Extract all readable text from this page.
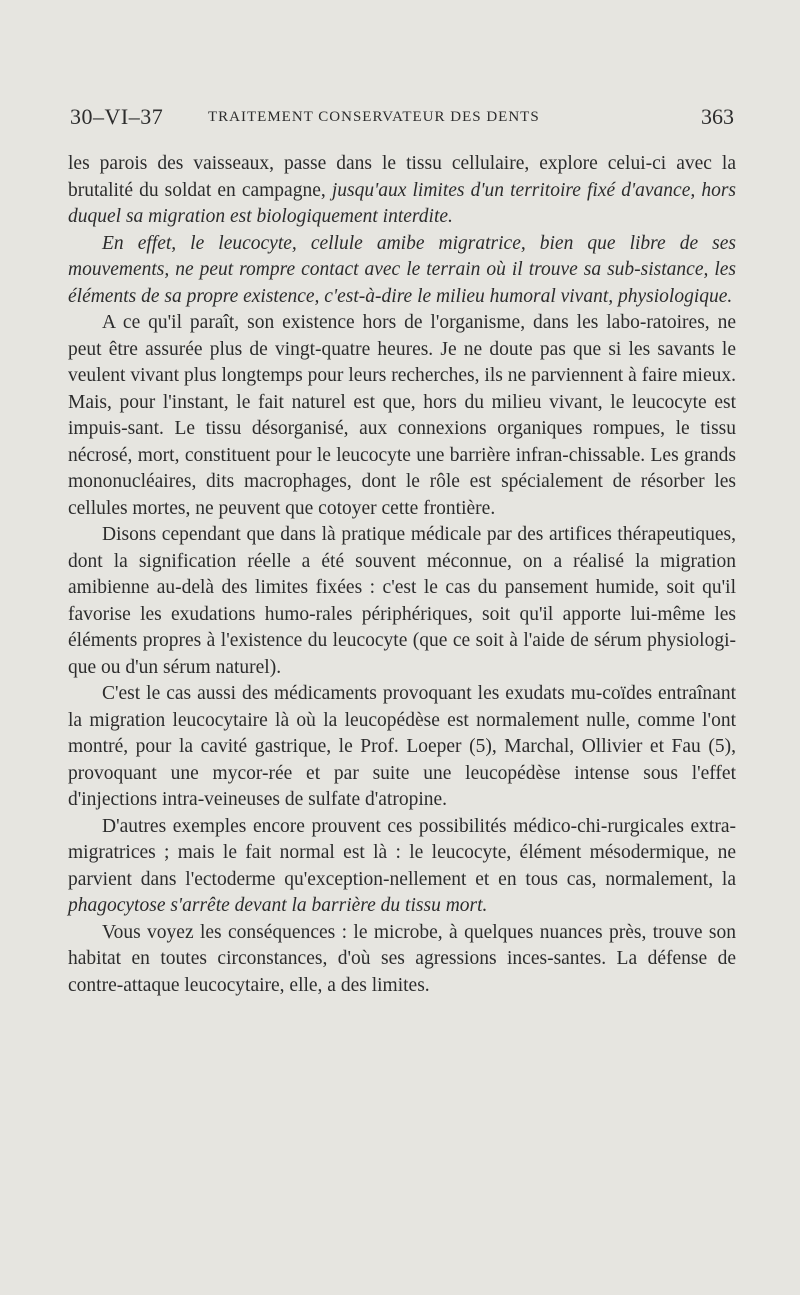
30–VI–37	TRAITEMENT CONSERVATEUR DES DENTS	363

les parois des vaisseaux, passe dans le tissu cellulaire, explore celui-ci avec la brutalité du soldat en campagne, jusqu'aux limites d'un territoire fixé d'avance, hors duquel sa migration est biologiquement interdite.

En effet, le leucocyte, cellule amibe migratrice, bien que libre de ses mouvements, ne peut rompre contact avec le terrain où il trouve sa sub-sistance, les éléments de sa propre existence, c'est-à-dire le milieu humoral vivant, physiologique.

A ce qu'il paraît, son existence hors de l'organisme, dans les labo-ratoires, ne peut être assurée plus de vingt-quatre heures. Je ne doute pas que si les savants le veulent vivant plus longtemps pour leurs recherches, ils ne parviennent à faire mieux. Mais, pour l'instant, le fait naturel est que, hors du milieu vivant, le leucocyte est impuis-sant. Le tissu désorganisé, aux connexions organiques rompues, le tissu nécrosé, mort, constituent pour le leucocyte une barrière infran-chissable. Les grands mononucléaires, dits macrophages, dont le rôle est spécialement de résorber les cellules mortes, ne peuvent que cotoyer cette frontière.

Disons cependant que dans là pratique médicale par des artifices thérapeutiques, dont la signification réelle a été souvent méconnue, on a réalisé la migration amibienne au-delà des limites fixées : c'est le cas du pansement humide, soit qu'il favorise les exudations humo-rales périphériques, soit qu'il apporte lui-même les éléments propres à l'existence du leucocyte (que ce soit à l'aide de sérum physiologi-que ou d'un sérum naturel).

C'est le cas aussi des médicaments provoquant les exudats mu-coïdes entraînant la migration leucocytaire là où la leucopédèse est normalement nulle, comme l'ont montré, pour la cavité gastrique, le Prof. Loeper (5), Marchal, Ollivier et Fau (5), provoquant une mycor-rée et par suite une leucopédèse intense sous l'effet d'injections intra-veineuses de sulfate d'atropine.

D'autres exemples encore prouvent ces possibilités médico-chi-rurgicales extra-migratrices ; mais le fait normal est là : le leucocyte, élément mésodermique, ne parvient dans l'ectoderme qu'exception-nellement et en tous cas, normalement, la phagocytose s'arrête devant la barrière du tissu mort.

Vous voyez les conséquences : le microbe, à quelques nuances près, trouve son habitat en toutes circonstances, d'où ses agressions inces-santes. La défense de contre-attaque leucocytaire, elle, a des limites.
